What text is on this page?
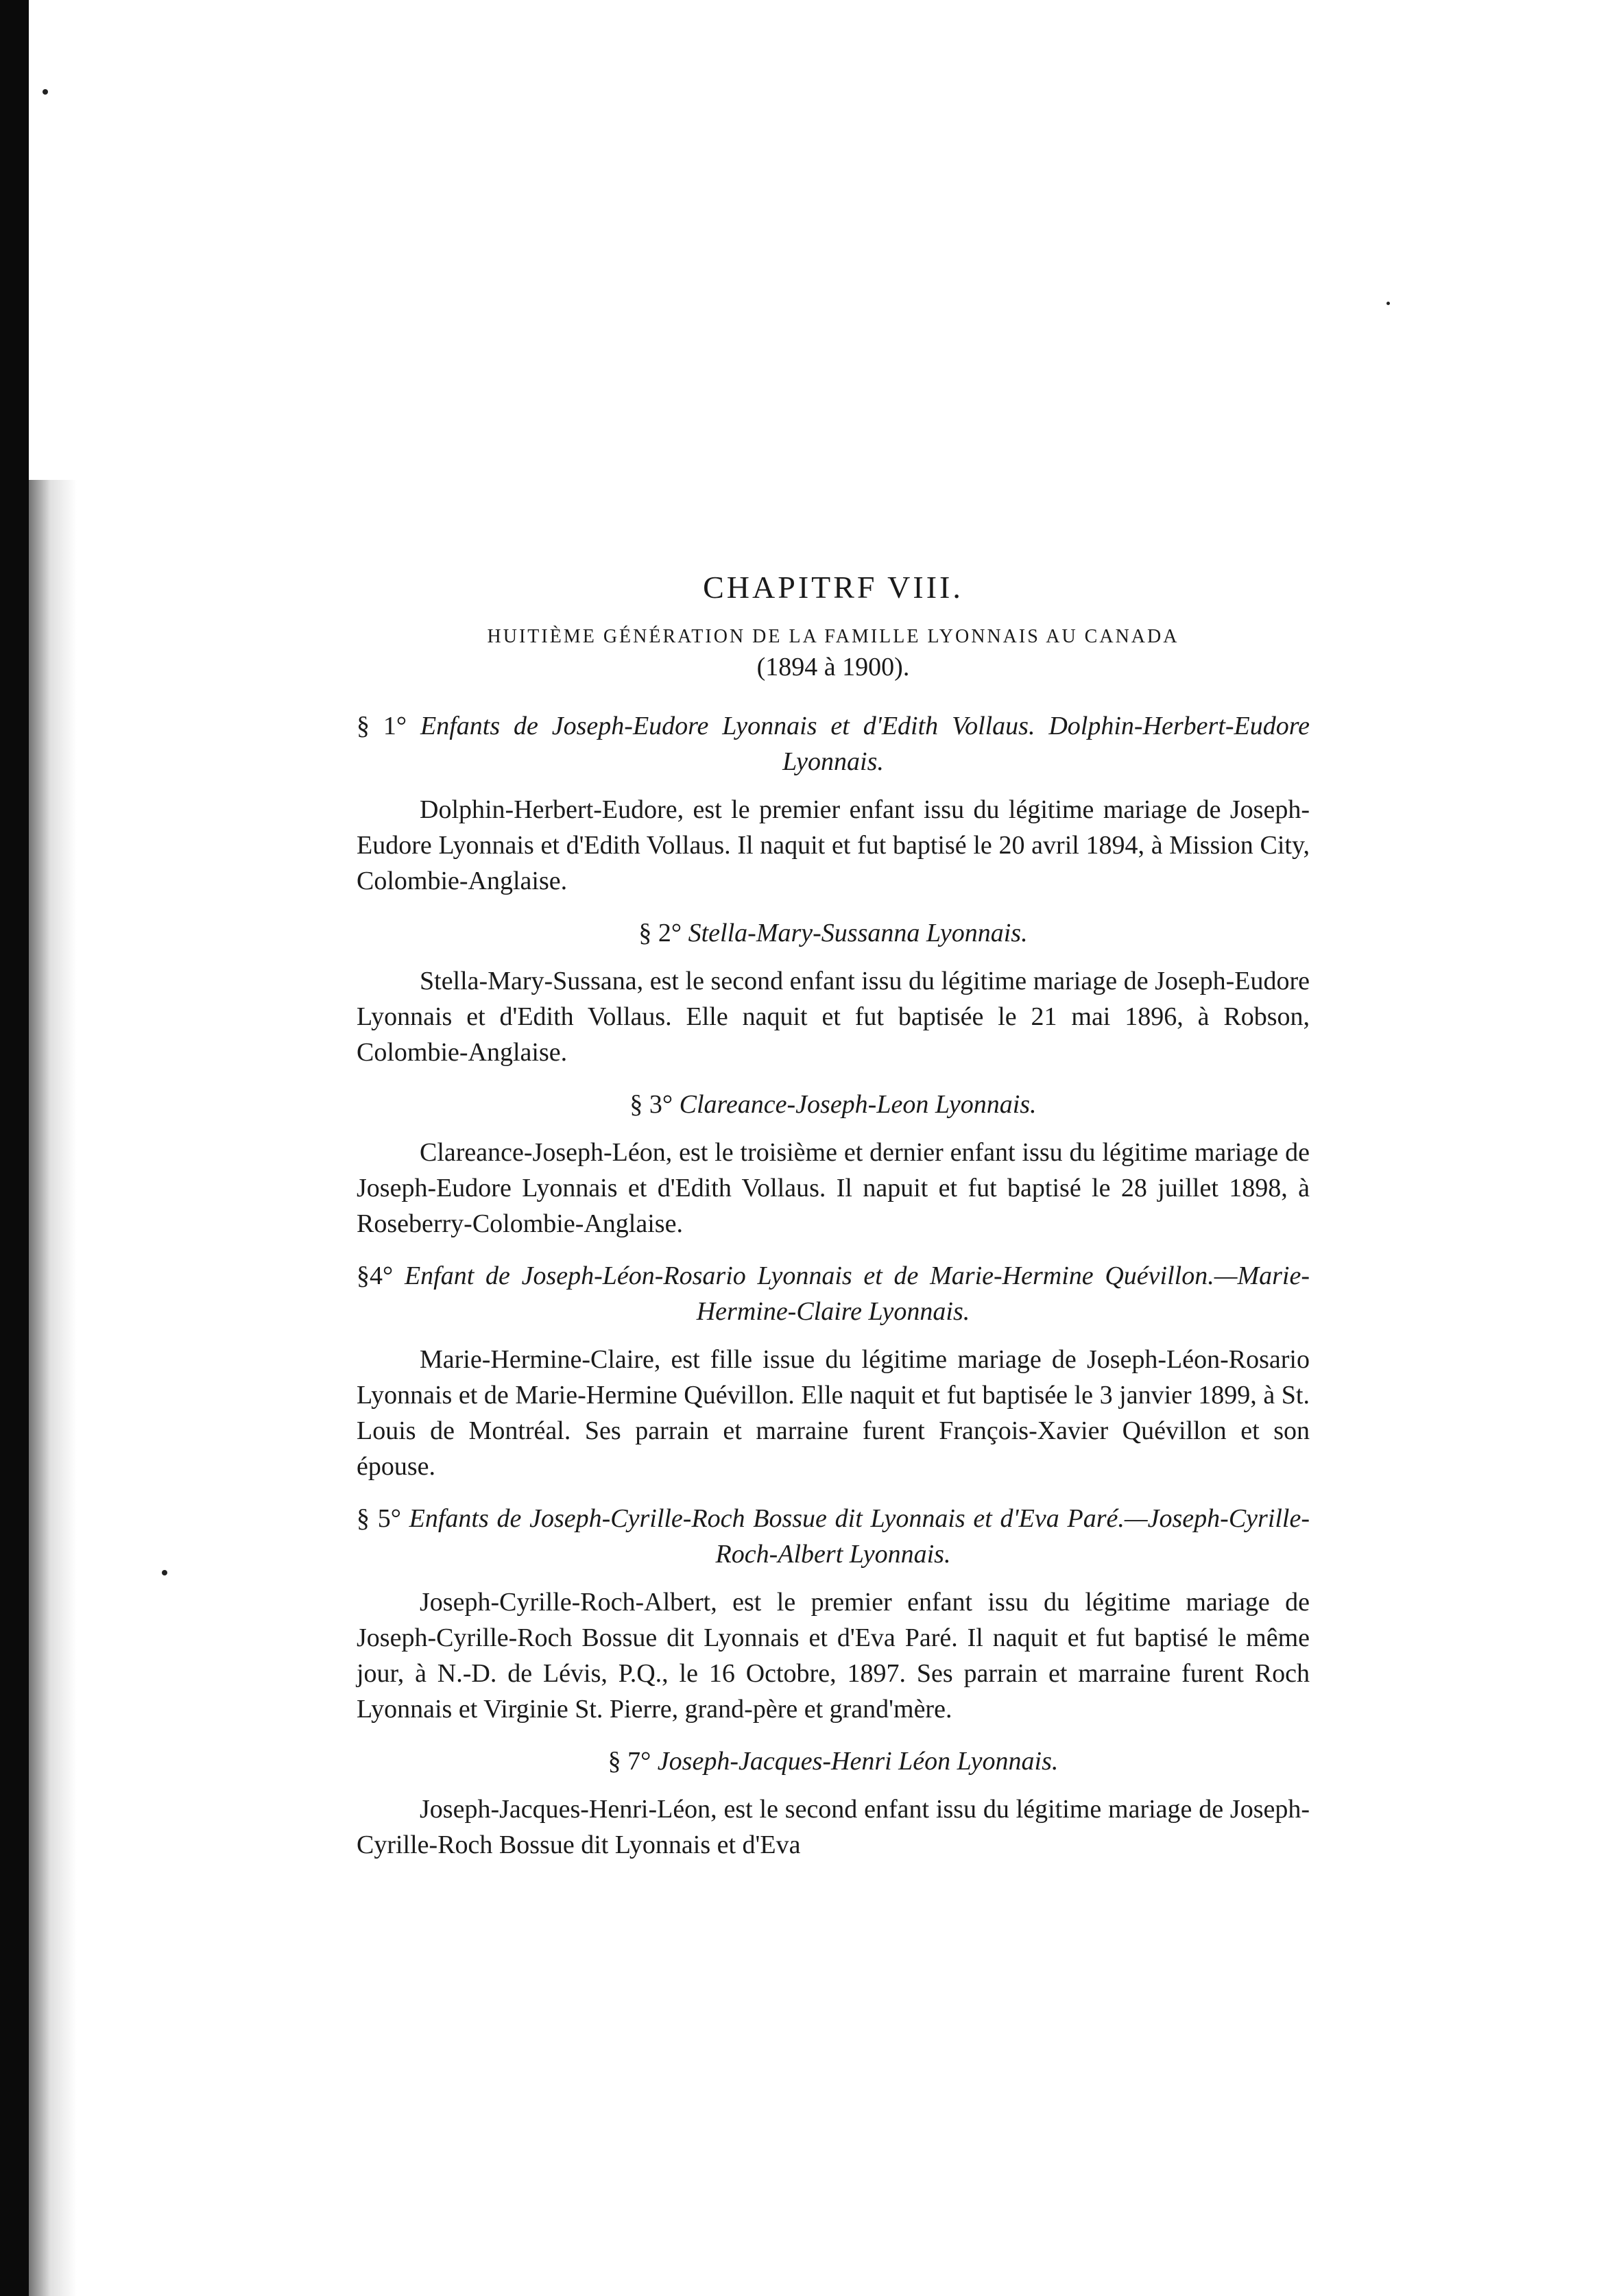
CHAPITRF VIII.

HUITIÈME GÉNÉRATION DE LA FAMILLE LYONNAIS AU CANADA

(1894 à 1900).

§ 1° Enfants de Joseph-Eudore Lyonnais et d'Edith Vollaus. Dolphin-Herbert-Eudore Lyonnais.

Dolphin-Herbert-Eudore, est le premier enfant issu du légitime mariage de Joseph-Eudore Lyonnais et d'Edith Vollaus. Il naquit et fut baptisé le 20 avril 1894, à Mission City, Colombie-Anglaise.

§ 2° Stella-Mary-Sussanna Lyonnais.

Stella-Mary-Sussana, est le second enfant issu du légitime mariage de Joseph-Eudore Lyonnais et d'Edith Vollaus. Elle naquit et fut baptisée le 21 mai 1896, à Robson, Colombie-Anglaise.

§ 3° Clareance-Joseph-Leon Lyonnais.

Clareance-Joseph-Léon, est le troisième et dernier enfant issu du légitime mariage de Joseph-Eudore Lyonnais et d'Edith Vollaus. Il napuit et fut baptisé le 28 juillet 1898, à Roseberry-Colombie-Anglaise.

§4° Enfant de Joseph-Léon-Rosario Lyonnais et de Marie-Hermine Quévillon.—Marie-Hermine-Claire Lyonnais.

Marie-Hermine-Claire, est fille issue du légitime mariage de Joseph-Léon-Rosario Lyonnais et de Marie-Hermine Quévillon. Elle naquit et fut baptisée le 3 janvier 1899, à St. Louis de Montréal. Ses parrain et marraine furent François-Xavier Quévillon et son épouse.

§ 5° Enfants de Joseph-Cyrille-Roch Bossue dit Lyonnais et d'Eva Paré.—Joseph-Cyrille-Roch-Albert Lyonnais.

Joseph-Cyrille-Roch-Albert, est le premier enfant issu du légitime mariage de Joseph-Cyrille-Roch Bossue dit Lyonnais et d'Eva Paré. Il naquit et fut baptisé le même jour, à N.-D. de Lévis, P.Q., le 16 Octobre, 1897. Ses parrain et marraine furent Roch Lyonnais et Virginie St. Pierre, grand-père et grand'mère.

§ 7° Joseph-Jacques-Henri Léon Lyonnais.

Joseph-Jacques-Henri-Léon, est le second enfant issu du légitime mariage de Joseph-Cyrille-Roch Bossue dit Lyonnais et d'Eva
